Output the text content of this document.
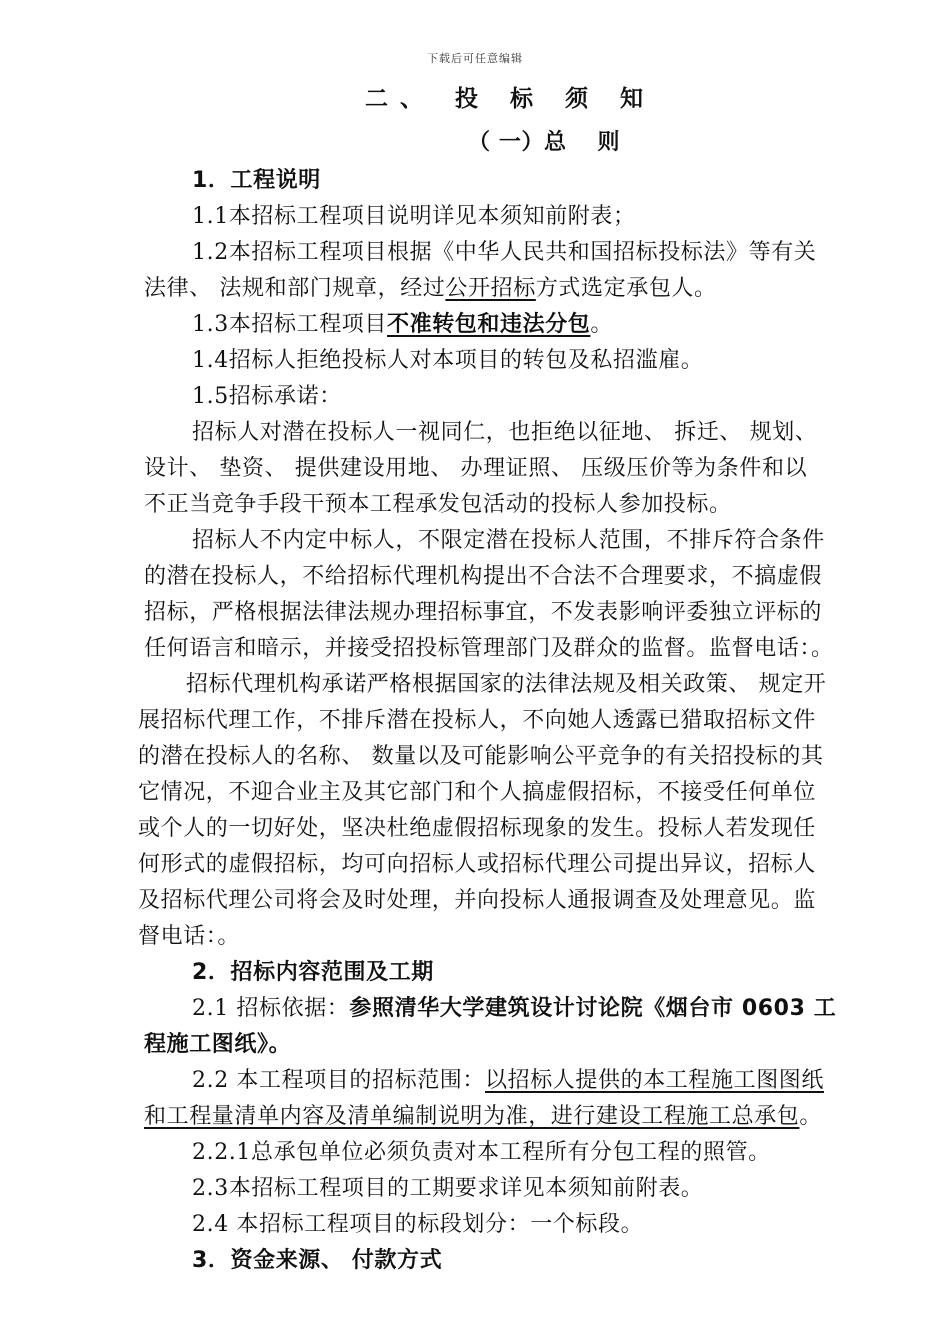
下载后可任意编辑
二、 投 标 须 知
（ 一）总　 则
1．工程说明
1.1本招标工程项目说明详见本须知前附表；
1.2本招标工程项目根据《中华人民共和国招标投标法》等有关
法律、 法规和部门规章，经过公开招标方式选定承包人。
1.3本招标工程项目不准转包和违法分包。
1.4招标人拒绝投标人对本项目的转包及私招滥雇。
1.5招标承诺：
招标人对潜在投标人一视同仁，也拒绝以征地、 拆迁、 规划、
设计、 垫资、 提供建设用地、 办理证照、 压级压价等为条件和以
不正当竞争手段干预本工程承发包活动的投标人参加投标。
招标人不内定中标人，不限定潜在投标人范围，不排斥符合条件
的潜在投标人，不给招标代理机构提出不合法不合理要求，不搞虚假
招标，严格根据法律法规办理招标事宜，不发表影响评委独立评标的
任何语言和暗示，并接受招投标管理部门及群众的监督。监督电话：。
招标代理机构承诺严格根据国家的法律法规及相关政策、 规定开
展招标代理工作，不排斥潜在投标人，不向她人透露已猎取招标文件
的潜在投标人的名称、 数量以及可能影响公平竞争的有关招投标的其
它情况，不迎合业主及其它部门和个人搞虚假招标，不接受任何单位
或个人的一切好处，坚决杜绝虚假招标现象的发生。投标人若发现任
何形式的虚假招标，均可向招标人或招标代理公司提出异议，招标人
及招标代理公司将会及时处理，并向投标人通报调查及处理意见。监
督电话：。
2．招标内容范围及工期
2.1 招标依据：参照清华大学建筑设计讨论院《烟台市 0603 工
程施工图纸》。
2.2 本工程项目的招标范围：以招标人提供的本工程施工图图纸
和工程量清单内容及清单编制说明为准，进行建设工程施工总承包。
2.2.1总承包单位必须负责对本工程所有分包工程的照管。
2.3本招标工程项目的工期要求详见本须知前附表。
2.4 本招标工程项目的标段划分：一个标段。
3．资金来源、 付款方式
